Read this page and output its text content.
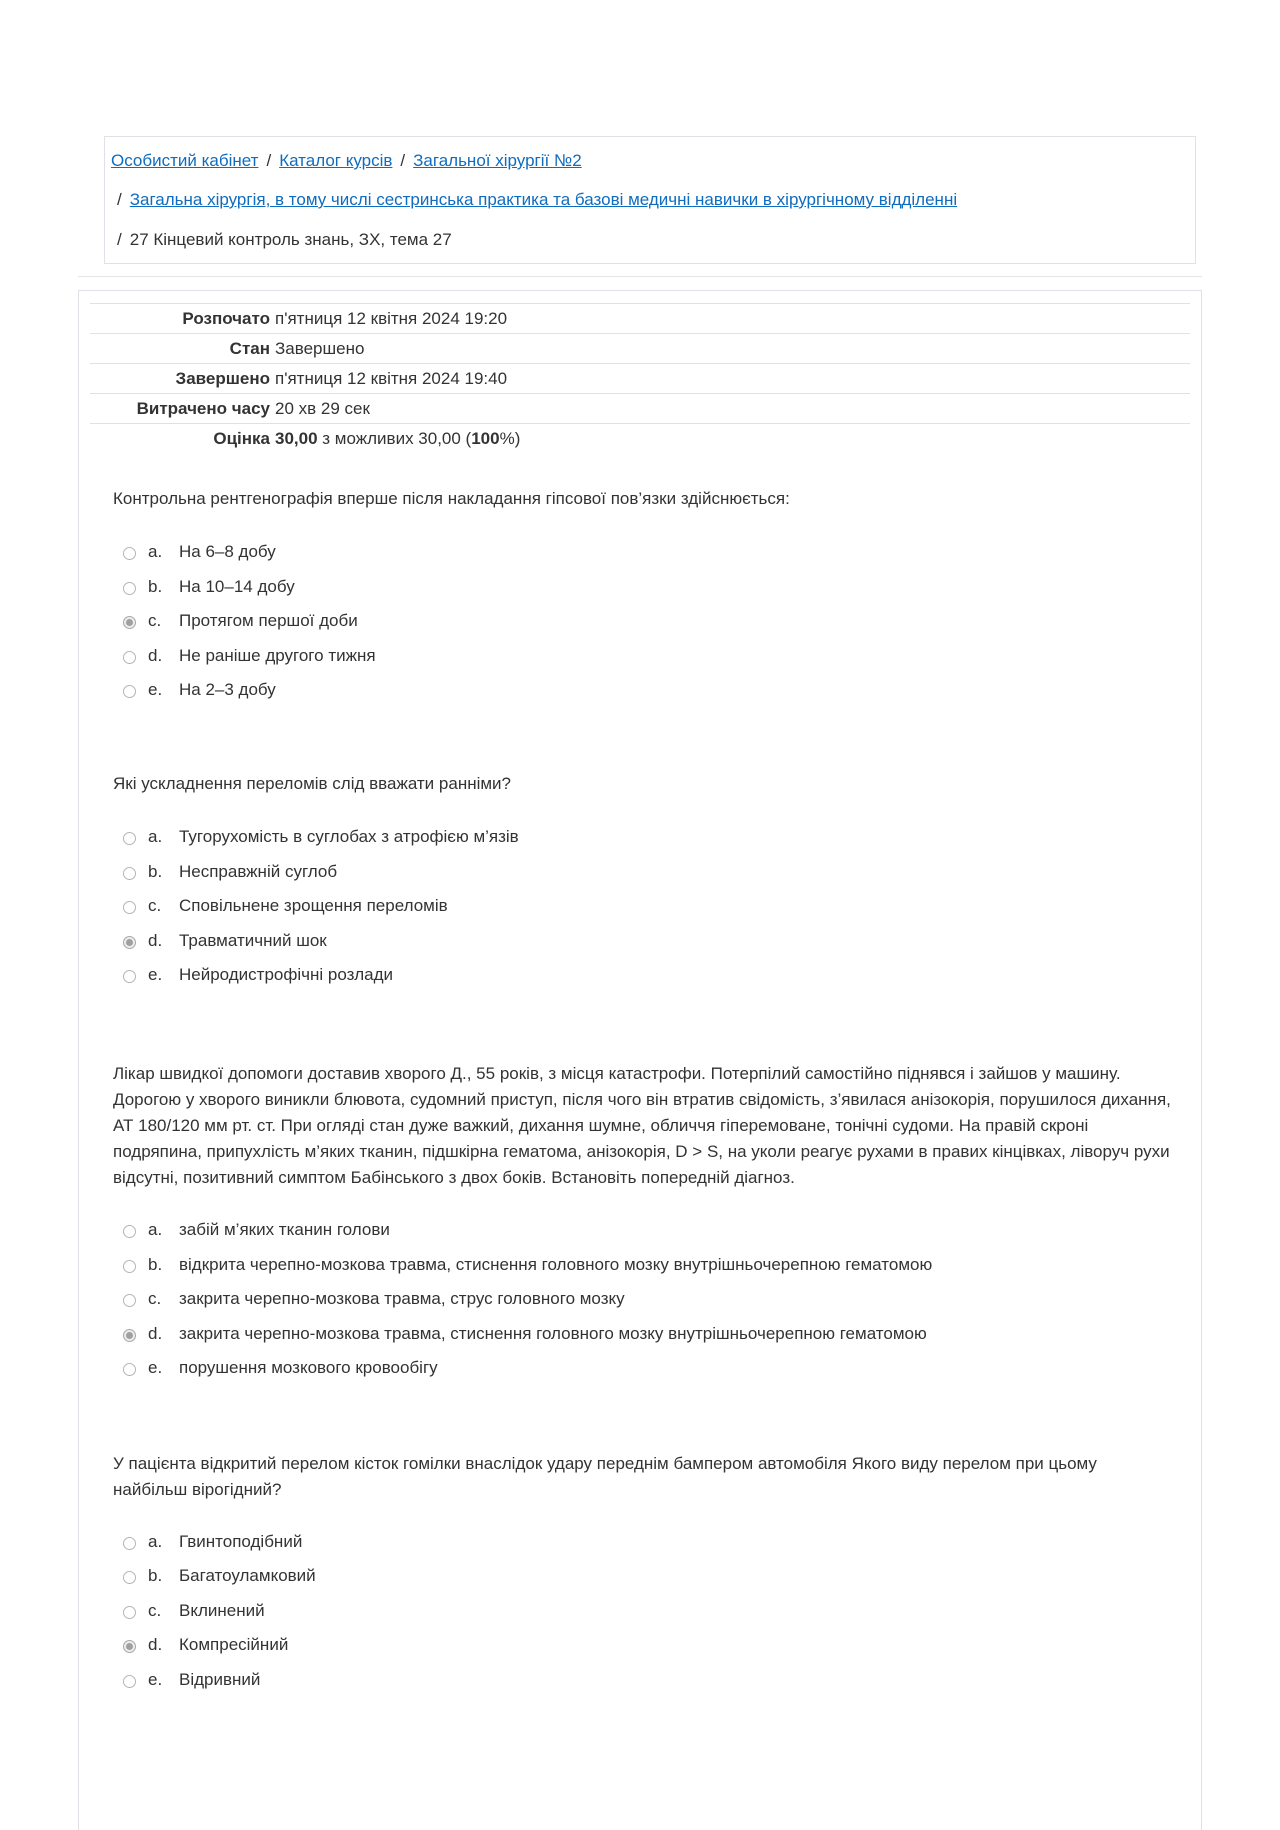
Особистий кабінет / Каталог курсів / Загальної хірургії №2
/ Загальна хірургія, в тому числі сестринська практика та базові медичні навички в хірургічному відділенні
/ 27 Кінцевий контроль знань, ЗХ, тема 27
Розпочато п'ятниця 12 квітня 2024 19:20
Стан Завершено
Завершено п'ятниця 12 квітня 2024 19:40
Витрачено часу 20 хв 29 сек
Оцінка 30,00 з можливих 30,00 (100%)
Контрольна рентгенографія вперше після накладання гіпсової пов’язки здійснюється:
a. На 6–8 добу
b. На 10–14 добу
c. Протягом першої доби
d. Не раніше другого тижня
e. На 2–3 добу
Які ускладнення переломів слід вважати ранніми?
a. Тугорухомість в суглобах з атрофією м’язів
b. Несправжній суглоб
c. Сповільнене зрощення переломів
d. Травматичний шок
e. Нейродистрофічні розлади
Лікар швидкої допомоги доставив хворого Д., 55 років, з місця катастрофи. Потерпілий самостійно піднявся і зайшов у машину. Дорогою у хворого виникли блювота, судомний приступ, після чого він втратив свідомість, з’явилася анізокорія, порушилося дихання, АТ 180/120 мм рт. ст. При огляді стан дуже важкий, дихання шумне, обличчя гіперемоване, тонічні судоми. На правій скроні подряпина, припухлість м’яких тканин, підшкірна гематома, анізокорія, D > S, на уколи реагує рухами в правих кінцівках, ліворуч рухи відсутні, позитивний симптом Бабінського з двох боків. Встановіть попередній діагноз.
a. забій м’яких тканин голови
b. відкрита черепно-мозкова травма, стиснення головного мозку внутрішньочерепною гематомою
c. закрита черепно-мозкова травма, струс головного мозку
d. закрита черепно-мозкова травма, стиснення головного мозку внутрішньочерепною гематомою
e. порушення мозкового кровообігу
У пацієнта відкритий перелом кісток гомілки внаслідок удару переднім бампером автомобіля Якого виду перелом при цьому найбільш вірогідний?
a. Гвинтоподібний
b. Багатоуламковий
c. Вклинений
d. Компресійний
e. Відривний
